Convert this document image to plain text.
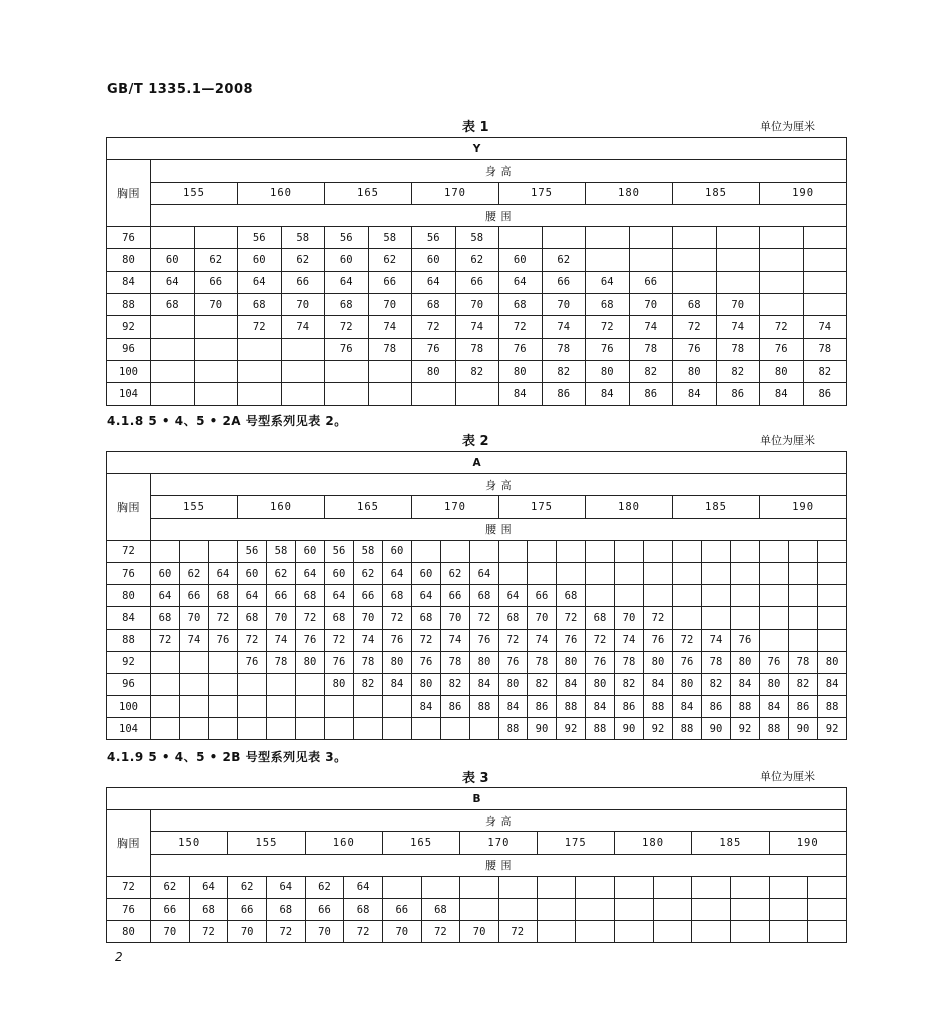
GB/T 1335.1—2008
表 1	单位为厘米
Y																
胸围	身 高															
	155		160		165		170		175		180		185		190	
	腰 围															
76			56	58	56	58	56	58								
80	60	62	60	62	60	62	60	62	60	62						
84	64	66	64	66	64	66	64	66	64	66	64	66				
88	68	70	68	70	68	70	68	70	68	70	68	70	68	70		
92			72	74	72	74	72	74	72	74	72	74	72	74	72	74
96					76	78	76	78	76	78	76	78	76	78	76	78
100							80	82	80	82	80	82	80	82	80	82
104									84	86	84	86	84	86	84	86
4.1.8 5 • 4、5 • 2A 号型系列见表 2。
表 2	单位为厘米
A																								
胸围	身 高																							
	155			160			165			170			175			180			185			190		
	腰 围																							
72				56	58	60	56	58	60															
76	60	62	64	60	62	64	60	62	64	60	62	64												
80	64	66	68	64	66	68	64	66	68	64	66	68	64	66	68									
84	68	70	72	68	70	72	68	70	72	68	70	72	68	70	72	68	70	72						
88	72	74	76	72	74	76	72	74	76	72	74	76	72	74	76	72	74	76	72	74	76			
92				76	78	80	76	78	80	76	78	80	76	78	80	76	78	80	76	78	80	76	78	80
96							80	82	84	80	82	84	80	82	84	80	82	84	80	82	84	80	82	84
100										84	86	88	84	86	88	84	86	88	84	86	88	84	86	88
104													88	90	92	88	90	92	88	90	92	88	90	92
4.1.9 5 • 4、5 • 2B 号型系列见表 3。
表 3	单位为厘米
B																		
胸围	身 高																	
	150		155		160		165		170		175		180		185		190	
	腰 围																	
72	62	64	62	64	62	64												
76	66	68	66	68	66	68	66	68										
80	70	72	70	72	70	72	70	72	70	72								
2
